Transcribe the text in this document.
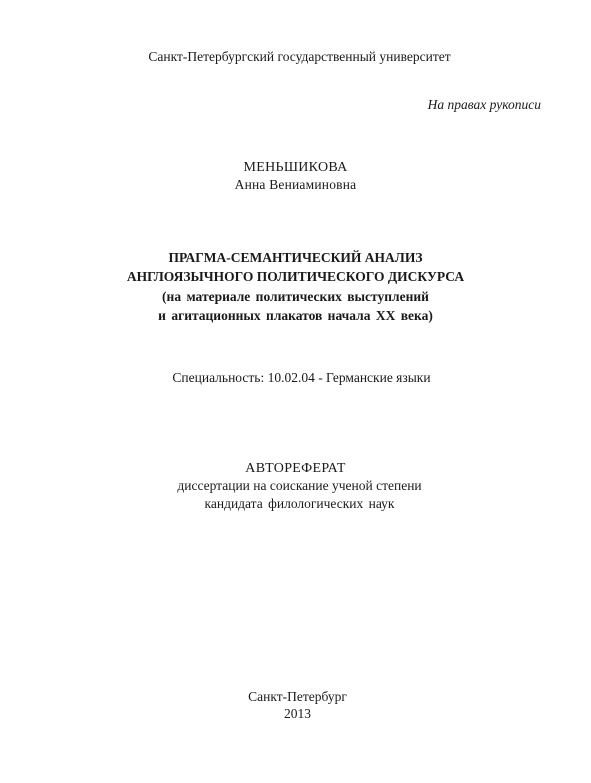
Санкт-Петербургский государственный университет
На правах рукописи
МЕНЬШИКОВА
Анна Вениаминовна
ПРАГМА-СЕМАНТИЧЕСКИЙ АНАЛИЗ
АНГЛОЯЗЫЧНОГО ПОЛИТИЧЕСКОГО ДИСКУРСА
(на материале политических выступлений
и агитационных плакатов начала XX века)
Специальность: 10.02.04 - Германские языки
АВТОРЕФЕРАТ
диссертации на соискание ученой степени
кандидата филологических наук
Санкт-Петербург
2013
